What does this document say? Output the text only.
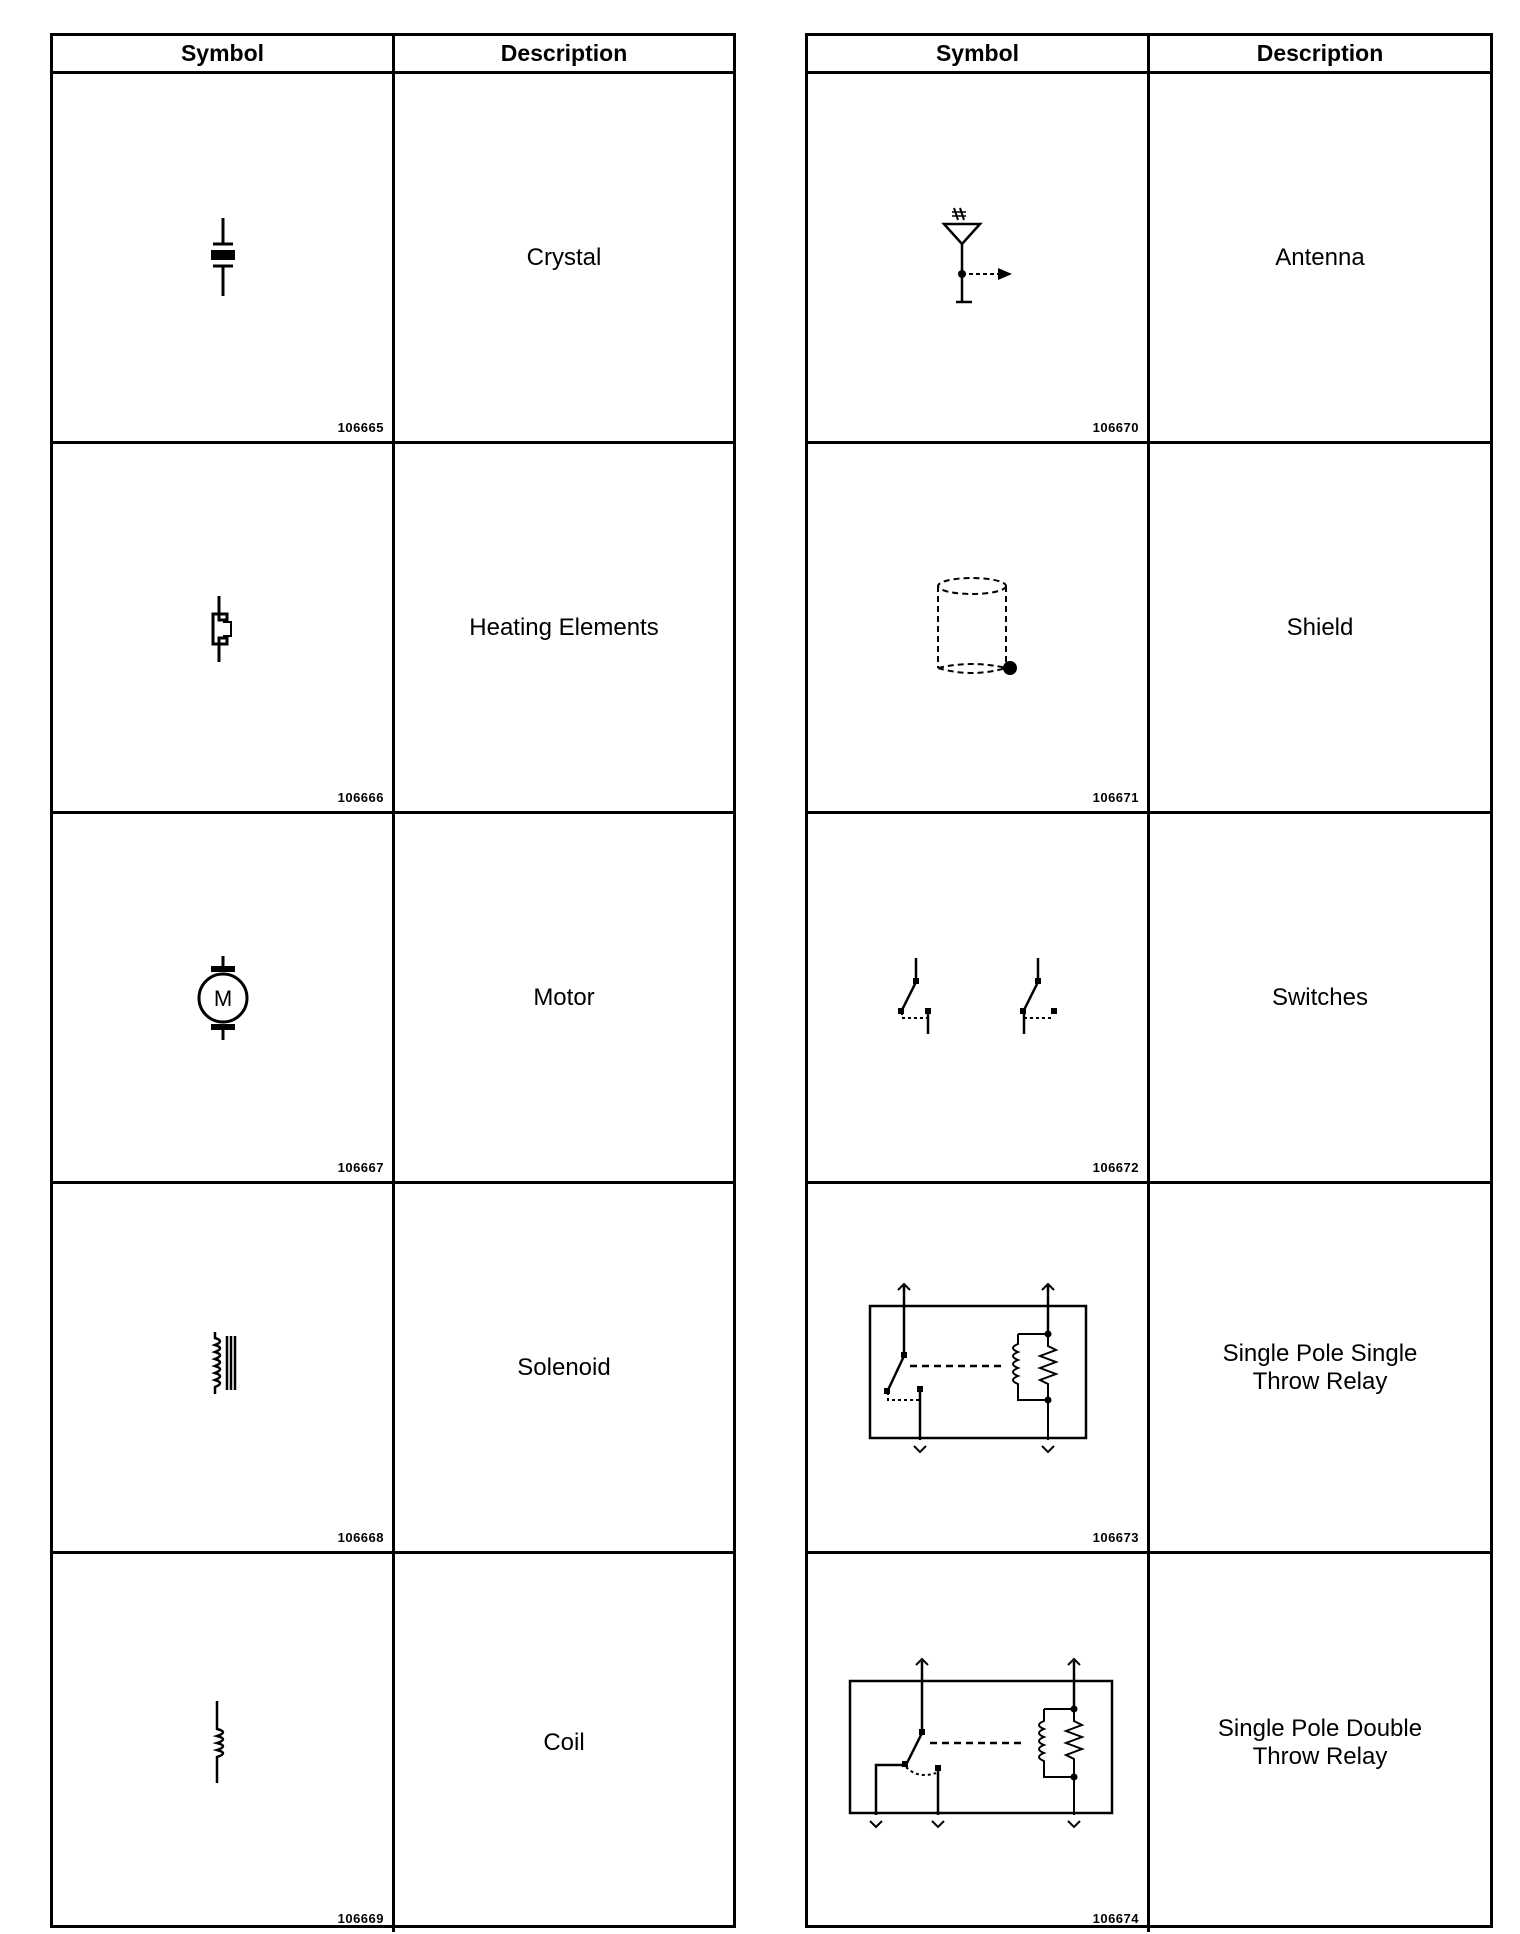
Symbol	Description
106665
Crystal
106666
Heating Elements
M
106667
Motor
106668
Solenoid
106669
Coil
Symbol	Description
106670
Antenna
106671
Shield
106672
Switches
106673
Single Pole Single
Throw Relay
106674
Single Pole Double
Throw Relay
